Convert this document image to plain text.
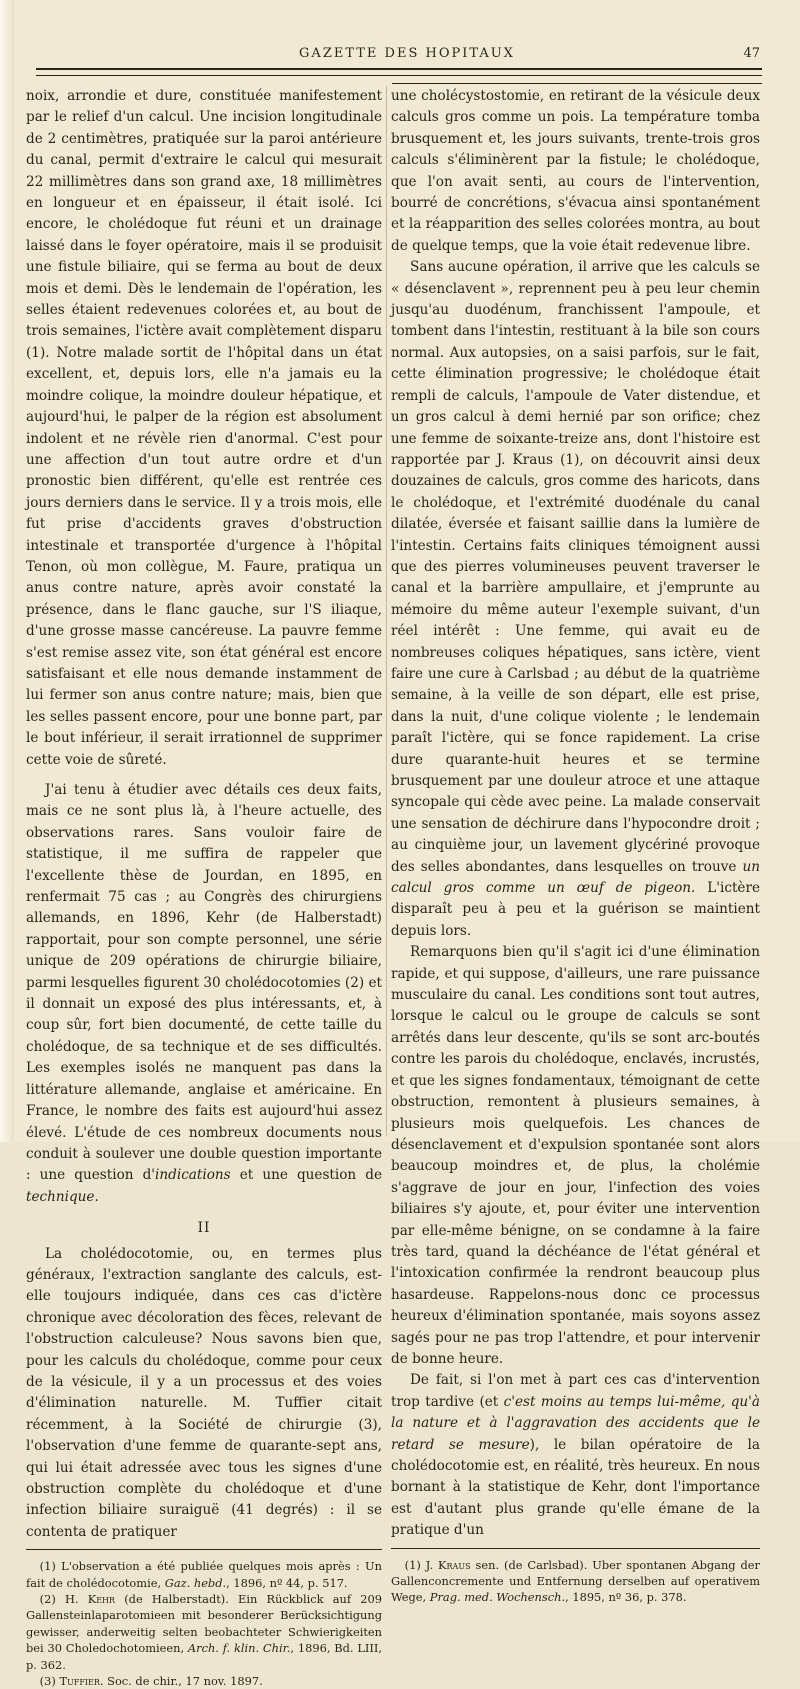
GAZETTE DES HOPITAUX	47

noix, arrondie et dure, constituée manifestement par le relief d'un calcul. Une incision longitudinale de 2 centimètres, pratiquée sur la paroi antérieure du canal, permit d'extraire le calcul qui mesurait 22 millimètres dans son grand axe, 18 millimètres en longueur et en épaisseur, il était isolé. Ici encore, le cholédoque fut réuni et un drainage laissé dans le foyer opératoire, mais il se produisit une fistule biliaire, qui se ferma au bout de deux mois et demi. Dès le lendemain de l'opération, les selles étaient redevenues colorées et, au bout de trois semaines, l'ictère avait complètement disparu (1). Notre malade sortit de l'hôpital dans un état excellent, et, depuis lors, elle n'a jamais eu la moindre colique, la moindre douleur hépatique, et aujourd'hui, le palper de la région est absolument indolent et ne révèle rien d'anormal. C'est pour une affection d'un tout autre ordre et d'un pronostic bien différent, qu'elle est rentrée ces jours derniers dans le service. Il y a trois mois, elle fut prise d'accidents graves d'obstruction intestinale et transportée d'urgence à l'hôpital Tenon, où mon collègue, M. Faure, pratiqua un anus contre nature, après avoir constaté la présence, dans le flanc gauche, sur l'S iliaque, d'une grosse masse cancéreuse. La pauvre femme s'est remise assez vite, son état général est encore satisfaisant et elle nous demande instamment de lui fermer son anus contre nature; mais, bien que les selles passent encore, pour une bonne part, par le bout inférieur, il serait irrationnel de supprimer cette voie de sûreté.

J'ai tenu à étudier avec détails ces deux faits, mais ce ne sont plus là, à l'heure actuelle, des observations rares. Sans vouloir faire de statistique, il me suffira de rappeler que l'excellente thèse de Jourdan, en 1895, en renfermait 75 cas ; au Congrès des chirurgiens allemands, en 1896, Kehr (de Halberstadt) rapportait, pour son compte personnel, une série unique de 209 opérations de chirurgie biliaire, parmi lesquelles figurent 30 cholédocotomies (2) et il donnait un exposé des plus intéressants, et, à coup sûr, fort bien documenté, de cette taille du cholédoque, de sa technique et de ses difficultés. Les exemples isolés ne manquent pas dans la littérature allemande, anglaise et américaine. En France, le nombre des faits est aujourd'hui assez élevé. L'étude de ces nombreux documents nous conduit à soulever une double question importante : une question d'indications et une question de technique.

II

La cholédocotomie, ou, en termes plus généraux, l'extraction sanglante des calculs, est-elle toujours indiquée, dans ces cas d'ictère chronique avec décoloration des fèces, relevant de l'obstruction calculeuse? Nous savons bien que, pour les calculs du cholédoque, comme pour ceux de la vésicule, il y a un processus et des voies d'élimination naturelle. M. Tuffier citait récemment, à la Société de chirurgie (3), l'observation d'une femme de quarante-sept ans, qui lui était adressée avec tous les signes d'une obstruction complète du cholédoque et d'une infection biliaire suraiguë (41 degrés) : il se contenta de pratiquer

(1) L'observation a été publiée quelques mois après : Un fait de cholédocotomie, Gaz. hebd., 1896, nº 44, p. 517.

(2) H. Kehr (de Halberstadt). Ein Rückblick auf 209 Gallensteinlaparotomieen mit besonderer Berücksichtigung gewisser, anderweitig selten beobachteter Schwierigkeiten bei 30 Choledochotomieen, Arch. f. klin. Chir., 1896, Bd. LIII, p. 362.

(3) Tuffier. Soc. de chir., 17 nov. 1897.

une cholécystostomie, en retirant de la vésicule deux calculs gros comme un pois. La température tomba brusquement et, les jours suivants, trente-trois gros calculs s'éliminèrent par la fistule; le cholédoque, que l'on avait senti, au cours de l'intervention, bourré de concrétions, s'évacua ainsi spontanément et la réapparition des selles colorées montra, au bout de quelque temps, que la voie était redevenue libre.

Sans aucune opération, il arrive que les calculs se « désenclavent », reprennent peu à peu leur chemin jusqu'au duodénum, franchissent l'ampoule, et tombent dans l'intestin, restituant à la bile son cours normal. Aux autopsies, on a saisi parfois, sur le fait, cette élimination progressive; le cholédoque était rempli de calculs, l'ampoule de Vater distendue, et un gros calcul à demi hernié par son orifice; chez une femme de soixante-treize ans, dont l'histoire est rapportée par J. Kraus (1), on découvrit ainsi deux douzaines de calculs, gros comme des haricots, dans le cholédoque, et l'extrémité duodénale du canal dilatée, éversée et faisant saillie dans la lumière de l'intestin. Certains faits cliniques témoignent aussi que des pierres volumineuses peuvent traverser le canal et la barrière ampullaire, et j'emprunte au mémoire du même auteur l'exemple suivant, d'un réel intérêt : Une femme, qui avait eu de nombreuses coliques hépatiques, sans ictère, vient faire une cure à Carlsbad ; au début de la quatrième semaine, à la veille de son départ, elle est prise, dans la nuit, d'une colique violente ; le lendemain paraît l'ictère, qui se fonce rapidement. La crise dure quarante-huit heures et se termine brusquement par une douleur atroce et une attaque syncopale qui cède avec peine. La malade conservait une sensation de déchirure dans l'hypocondre droit ; au cinquième jour, un lavement glycériné provoque des selles abondantes, dans lesquelles on trouve un calcul gros comme un œuf de pigeon. L'ictère disparaît peu à peu et la guérison se maintient depuis lors.

Remarquons bien qu'il s'agit ici d'une élimination rapide, et qui suppose, d'ailleurs, une rare puissance musculaire du canal. Les conditions sont tout autres, lorsque le calcul ou le groupe de calculs se sont arrêtés dans leur descente, qu'ils se sont arc-boutés contre les parois du cholédoque, enclavés, incrustés, et que les signes fondamentaux, témoignant de cette obstruction, remontent à plusieurs semaines, à plusieurs mois quelquefois. Les chances de désenclavement et d'expulsion spontanée sont alors beaucoup moindres et, de plus, la cholémie s'aggrave de jour en jour, l'infection des voies biliaires s'y ajoute, et, pour éviter une intervention par elle-même bénigne, on se condamne à la faire très tard, quand la déchéance de l'état général et l'intoxication confirmée la rendront beaucoup plus hasardeuse. Rappelons-nous donc ce processus heureux d'élimination spontanée, mais soyons assez sagés pour ne pas trop l'attendre, et pour intervenir de bonne heure.

De fait, si l'on met à part ces cas d'intervention trop tardive (et c'est moins au temps lui-même, qu'à la nature et à l'aggravation des accidents que le retard se mesure), le bilan opératoire de la cholédocotomie est, en réalité, très heureux. En nous bornant à la statistique de Kehr, dont l'importance est d'autant plus grande qu'elle émane de la pratique d'un

(1) J. Kraus sen. (de Carlsbad). Uber spontanen Abgang der Gallenconcremente und Entfernung derselben auf operativem Wege, Prag. med. Wochensch., 1895, nº 36, p. 378.
